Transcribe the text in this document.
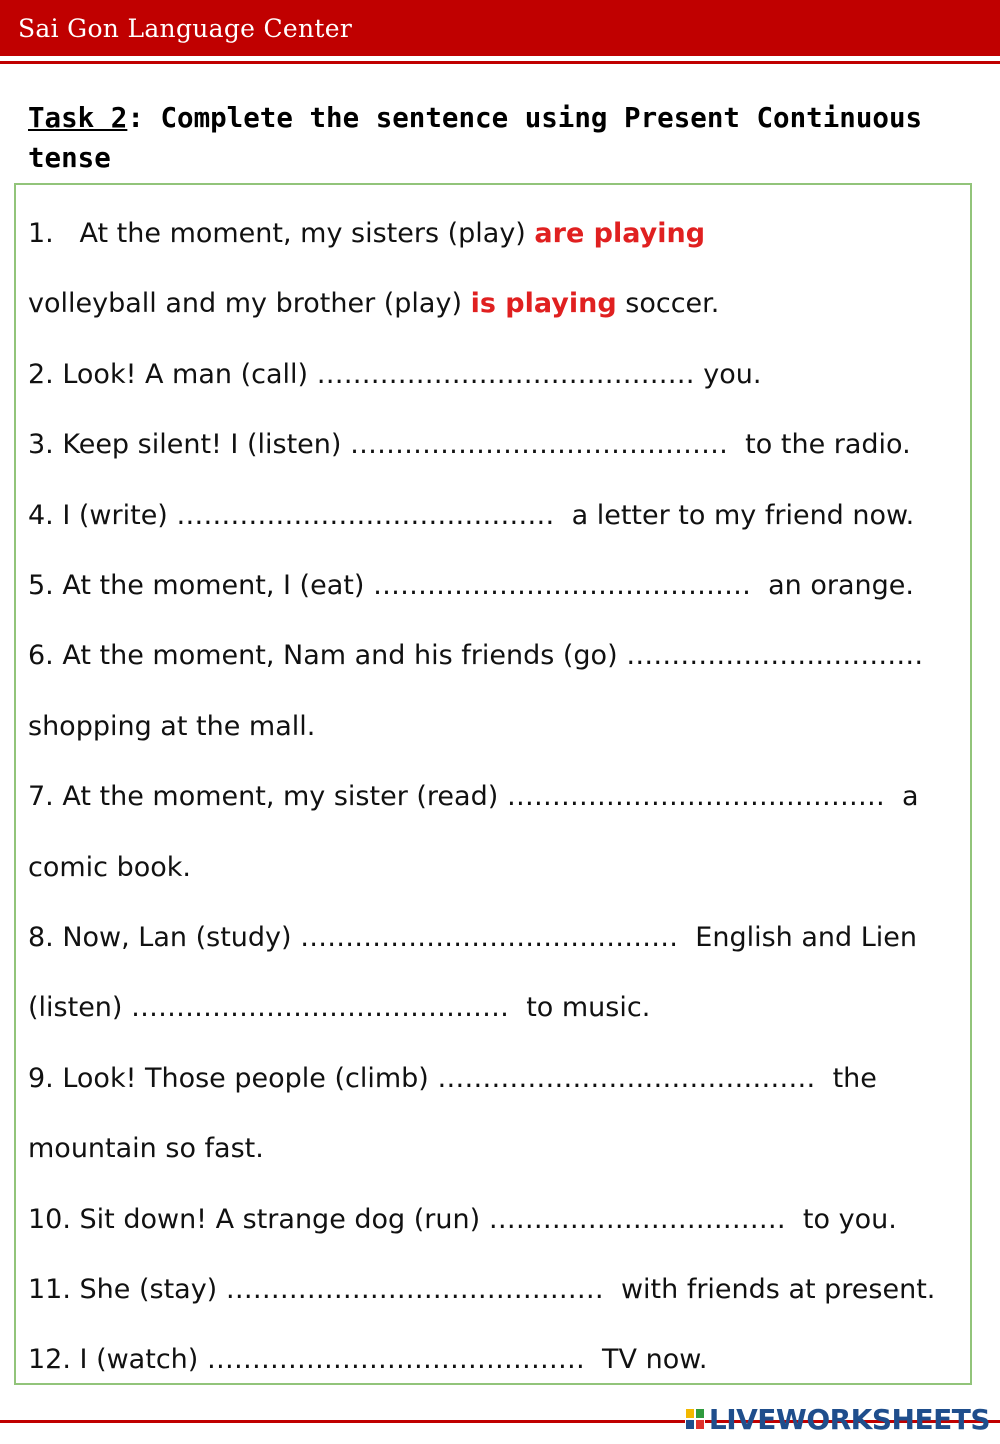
Sai Gon Language Center
Task 2: Complete the sentence using Present Continuous tense
1.   At the moment, my sisters (play) are playing
volleyball and my brother (play) is playing soccer.
2. Look! A man (call) …………………………………… you.
3. Keep silent! I (listen) ……………………………………  to the radio.
4. I (write) ……………………………………  a letter to my friend now.
5. At the moment, I (eat) ……………………………………  an orange.
6. At the moment, Nam and his friends (go) ……………………………
shopping at the mall.
7. At the moment, my sister (read) ……………………………………  a
comic book.
8. Now, Lan (study) ……………………………………  English and Lien
(listen) ……………………………………  to music.
9. Look! Those people (climb) ……………………………………  the
mountain so fast.
10. Sit down! A strange dog (run) ……………………………  to you.
11. She (stay) ……………………………………  with friends at present.
12. I (watch) ……………………………………  TV now.
LIVEWORKSHEETS
